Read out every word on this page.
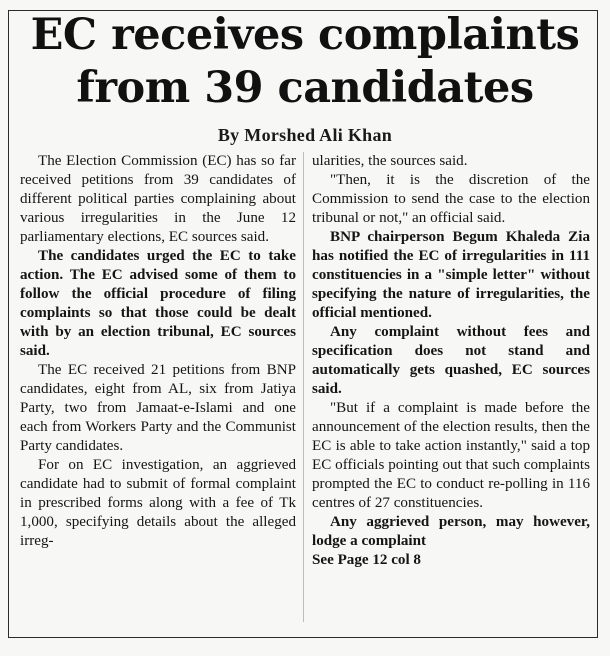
EC receives complaints
from 39 candidates
By Morshed Ali Khan

The Election Commission (EC) has so far received petitions from 39 candidates of different political parties complaining about various irregularities in the June 12 parliamentary elections, EC sources said.

The candidates urged the EC to take action. The EC advised some of them to follow the official procedure of filing complaints so that those could be dealt with by an election tribunal, EC sources said.

The EC received 21 petitions from BNP candidates, eight from AL, six from Jatiya Party, two from Jamaat-e-Islami and one each from Workers Party and the Communist Party candidates.

For on EC investigation, an aggrieved candidate had to submit of formal complaint in prescribed forms along with a fee of Tk 1,000, specifying details about the alleged irreg-

ularities, the sources said.

"Then, it is the discretion of the Commission to send the case to the election tribunal or not," an official said.

BNP chairperson Begum Khaleda Zia has notified the EC of irregularities in 111 constituencies in a "simple letter" without specifying the nature of irregularities, the official mentioned.

Any complaint without fees and specification does not stand and automatically gets quashed, EC sources said.

"But if a complaint is made before the announcement of the election results, then the EC is able to take action instantly," said a top EC officials pointing out that such complaints prompted the EC to conduct re-polling in 116 centres of 27 constituencies.

Any aggrieved person, may however, lodge a complaint

See Page 12 col 8
